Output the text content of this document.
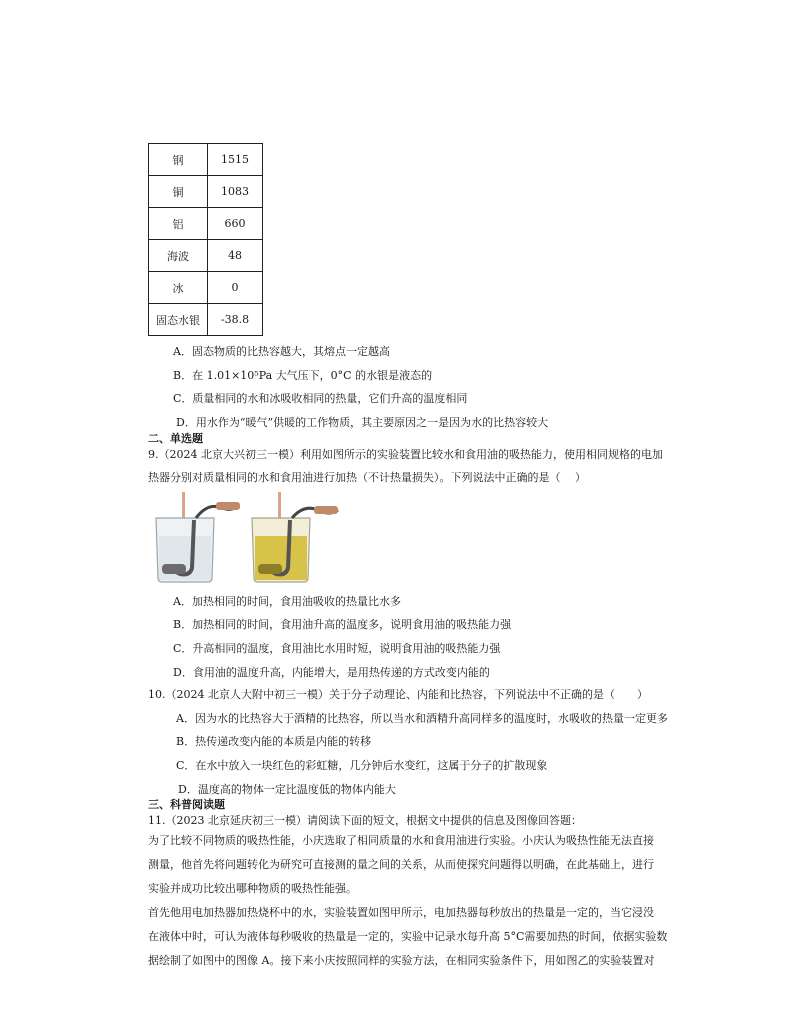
钢	1515
铜	1083
铝	660
海波	48
冰	0
固态水银	-38.8
A．固态物质的比热容越大，其熔点一定越高
B．在 1.01×10⁵Pa 大气压下，0°C 的水银是液态的
C．质量相同的水和冰吸收相同的热量，它们升高的温度相同
D．用水作为“暖气”供暖的工作物质，其主要原因之一是因为水的比热容较大
二、单选题
9.（2024 北京大兴初三一模）利用如图所示的实验装置比较水和食用油的吸热能力，使用相同规格的电加
热器分别对质量相同的水和食用油进行加热（不计热量损失）。下列说法中正确的是（　 ）
A．加热相同的时间，食用油吸收的热量比水多
B．加热相同的时间，食用油升高的温度多，说明食用油的吸热能力强
C．升高相同的温度，食用油比水用时短，说明食用油的吸热能力强
D．食用油的温度升高，内能增大，是用热传递的方式改变内能的
10.（2024 北京人大附中初三一模）关于分子动理论、内能和比热容，下列说法中不正确的是（　　）
A．因为水的比热容大于酒精的比热容，所以当水和酒精升高同样多的温度时，水吸收的热量一定更多
B．热传递改变内能的本质是内能的转移
C．在水中放入一块红色的彩虹糖，几分钟后水变红，这属于分子的扩散现象
D．温度高的物体一定比温度低的物体内能大
三、科普阅读题
11.（2023 北京延庆初三一模）请阅读下面的短文，根据文中提供的信息及图像回答题：
为了比较不同物质的吸热性能，小庆选取了相同质量的水和食用油进行实验。小庆认为吸热性能无法直接
测量，他首先将问题转化为研究可直接测的量之间的关系，从而使探究问题得以明确，在此基础上，进行
实验并成功比较出哪种物质的吸热性能强。
首先他用电加热器加热烧杯中的水，实验装置如图甲所示，电加热器每秒放出的热量是一定的，当它浸没
在液体中时，可认为液体每秒吸收的热量是一定的，实验中记录水每升高 5°C需要加热的时间，依据实验数
据绘制了如图中的图像 A。接下来小庆按照同样的实验方法，在相同实验条件下，用如图乙的实验装置对
